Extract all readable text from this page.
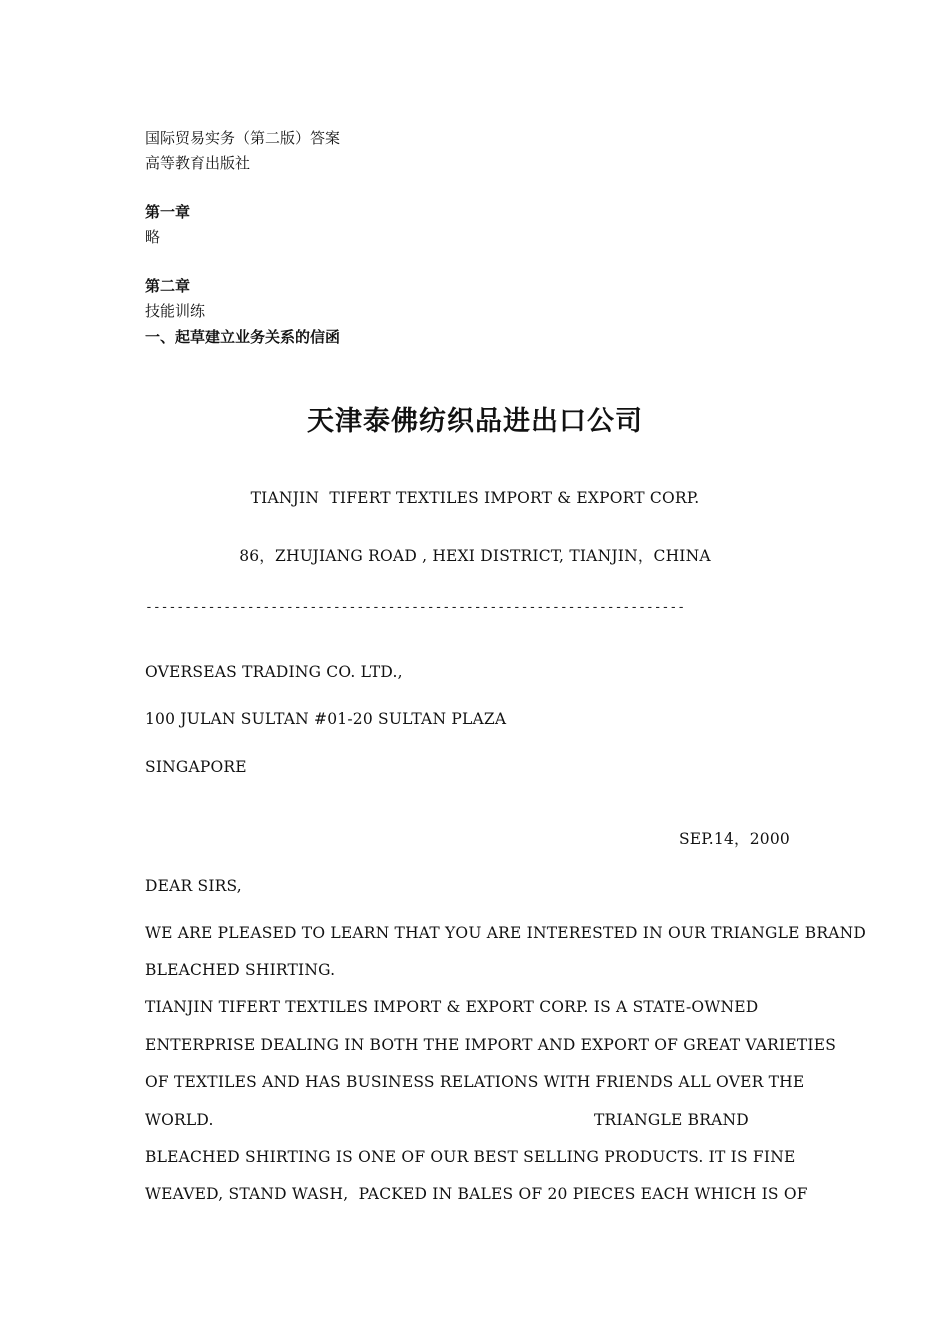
国际贸易实务（第二版）答案
高等教育出版社
第一章
略
第二章
技能训练
一、起草建立业务关系的信函
天津泰佛纺织品进出口公司
TIANJIN  TIFERT TEXTILES IMPORT & EXPORT CORP.
86，ZHUJIANG ROAD , HEXI DISTRICT, TIANJIN，CHINA
---------------------------------------------------------------------
OVERSEAS TRADING CO. LTD.,
100 JULAN SULTAN #01-20 SULTAN PLAZA
SINGAPORE
SEP.14，2000
DEAR SIRS,
WE ARE PLEASED TO LEARN THAT YOU ARE INTERESTED IN OUR TRIANGLE BRAND
BLEACHED SHIRTING.
TIANJIN TIFERT TEXTILES IMPORT & EXPORT CORP. IS A STATE-OWNED
ENTERPRISE DEALING IN BOTH THE IMPORT AND EXPORT OF GREAT VARIETIES
OF TEXTILES AND HAS BUSINESS RELATIONS WITH FRIENDS ALL OVER THE
WORLD.	TRIANGLE BRAND
BLEACHED SHIRTING IS ONE OF OUR BEST SELLING PRODUCTS. IT IS FINE
WEAVED, STAND WASH,  PACKED IN BALES OF 20 PIECES EACH WHICH IS OF
